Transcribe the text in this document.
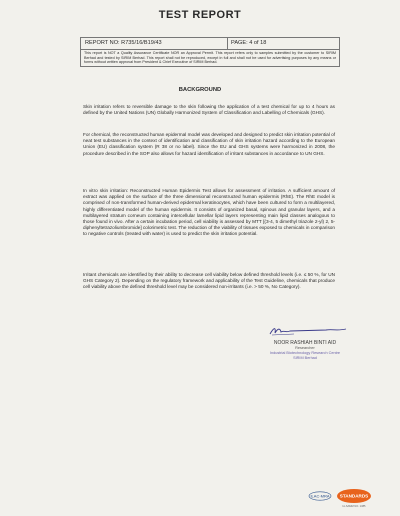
TEST REPORT
REPORT NO: R735/16/B19/43	PAGE: 4 of 18
This report is NOT a Quality Assurance Certificate NOR an Approval Permit. This report refers only to samples submitted by the customer to SIRIM Berhad and tested by SIRIM Berhad. This report shall not be reproduced, except in full and shall not be used for advertising purposes by any means or forms without written approval from President & Chief Executive of SIRIM Berhad.
BACKGROUND
Skin irritation refers to reversible damage to the skin following the application of a test chemical for up to 4 hours as defined by the United Nations (UN) Globally Harmonized System of Classification and Labelling of Chemicals (GHS).
For chemical, the reconstructed human epidermal model was developed and designed to predict skin irritation potential of neat test substances in the context of identification and classification of skin irritation hazard according to the European Union (EU) classification system (R 38 or no label). Since the EU and GHS systems were harmonized in 2008, the procedure described in the SOP also allows for hazard identification of irritant substances in accordance to UN GHS.
In vitro skin irritation: Reconstructed Human Epidermis Test allows for assessment of irritation. A sufficient amount of extract was applied on the surface of the three dimensional reconstructed human epidermis (RhE). The RhE model is comprised of non-transformed human-derived epidermal keratinocytes, which have been cultured to form a multilayered, highly differentiated model of the human epidermis. It consists of organized basal, spinous and granular layers, and a multilayered stratum corneum containing intercellular lamellar lipid layers representing main lipid classes analogous to those found in vivo. After a certain incubation period, cell viability is assessed by MTT [(3-4, 5 dimethyl triazole 2-yl) 2, 5-diphenyltetrazoliumbromide] colorimetric test. The reduction of the viability of tissues exposed to chemicals in comparison to negative controls (treated with water) is used to predict the skin irritation potential.
Irritant chemicals are identified by their ability to decrease cell viability below defined threshold levels (i.e. ≤ 50 %, for UN GHS Category 2). Depending on the regulatory framework and applicability of the Test Guideline, chemicals that produce cell viability above the defined threshold level may be considered non-irritants (i.e. > 50 %, No Category).
NOOR RASHIAH BINTI AID
Researcher
Industrial Biotechnology Research Centre
SIRIM Berhad
ILAC·MRA STANDARDS
IA-SAMM NO. 1385
